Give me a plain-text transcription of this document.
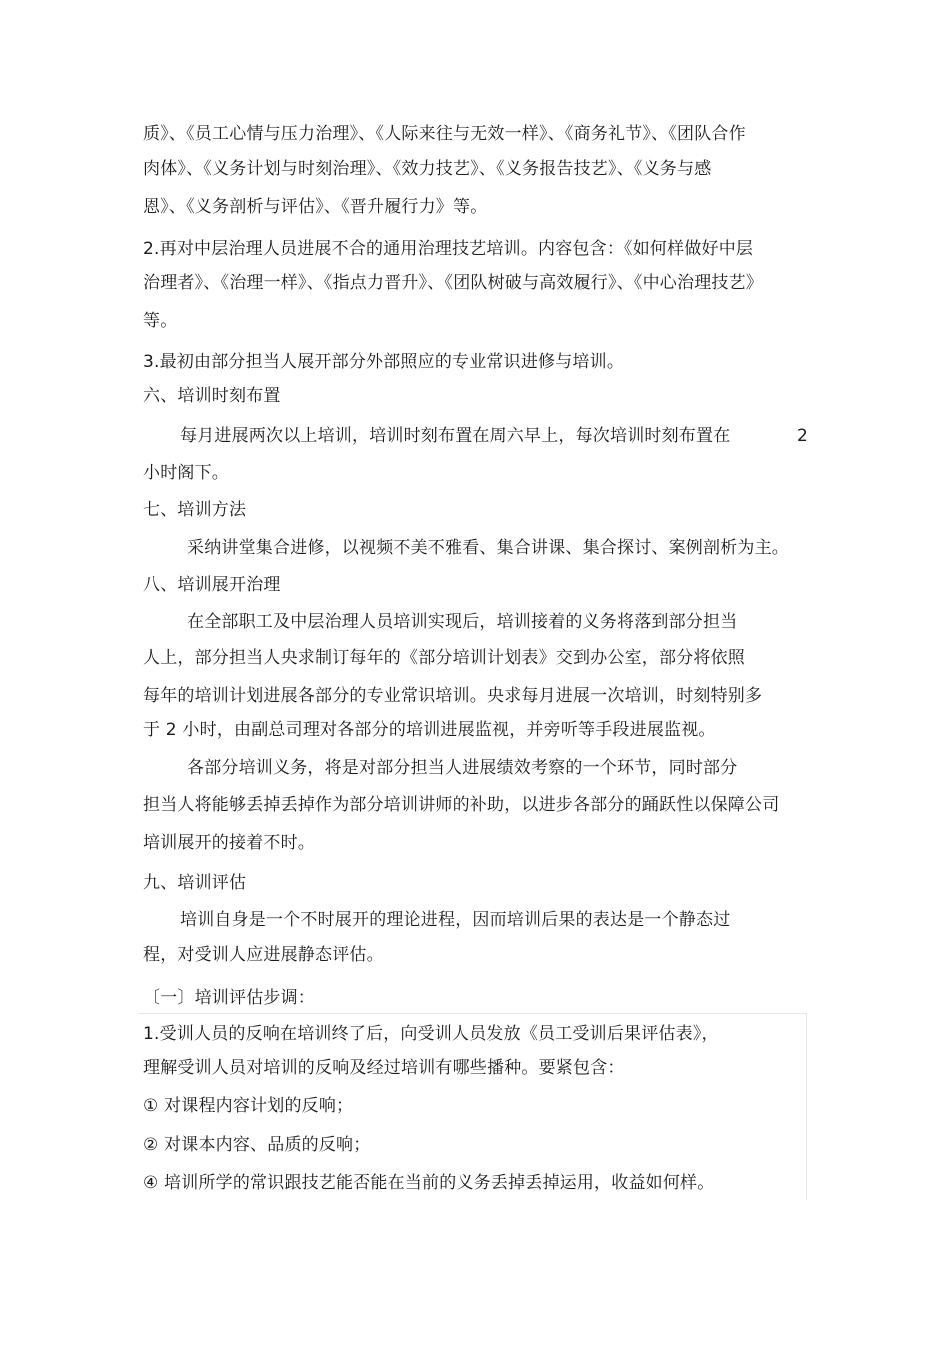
质》、《员工心情与压力治理》、《人际来往与无效一样》、《商务礼节》、《团队合作

肉体》、《义务计划与时刻治理》、《效力技艺》、《义务报告技艺》、《义务与感

恩》、《义务剖析与评估》、《晋升履行力》等。

2.再对中层治理人员进展不合的通用治理技艺培训。内容包含：《如何样做好中层

治理者》、《治理一样》、《指点力晋升》、《团队树破与高效履行》、《中心治理技艺》

等。

3.最初由部分担当人展开部分外部照应的专业常识进修与培训。

六、培训时刻布置

每月进展两次以上培训，培训时刻布置在周六早上，每次培训时刻布置在	2

小时阁下。

七、培训方法

采纳讲堂集合进修，以视频不美不雅看、集合讲课、集合探讨、案例剖析为主。

八、培训展开治理

在全部职工及中层治理人员培训实现后，培训接着的义务将落到部分担当

人上，部分担当人央求制订每年的《部分培训计划表》交到办公室，部分将依照

每年的培训计划进展各部分的专业常识培训。央求每月进展一次培训，时刻特别多

于 2 小时，由副总司理对各部分的培训进展监视，并旁听等手段进展监视。

各部分培训义务，将是对部分担当人进展绩效考察的一个环节，同时部分

担当人将能够丢掉丢掉作为部分培训讲师的补助，以进步各部分的踊跃性以保障公司

培训展开的接着不时。

九、培训评估

培训自身是一个不时展开的理论进程，因而培训后果的表达是一个静态过

程，对受训人应进展静态评估。

〔一〕培训评估步调：

1.受训人员的反响在培训终了后，向受训人员发放《员工受训后果评估表》，

理解受训人员对培训的反响及经过培训有哪些播种。要紧包含：

① 对课程内容计划的反响；

② 对课本内容、品质的反响；

④ 培训所学的常识跟技艺能否能在当前的义务丢掉丢掉运用，收益如何样。
